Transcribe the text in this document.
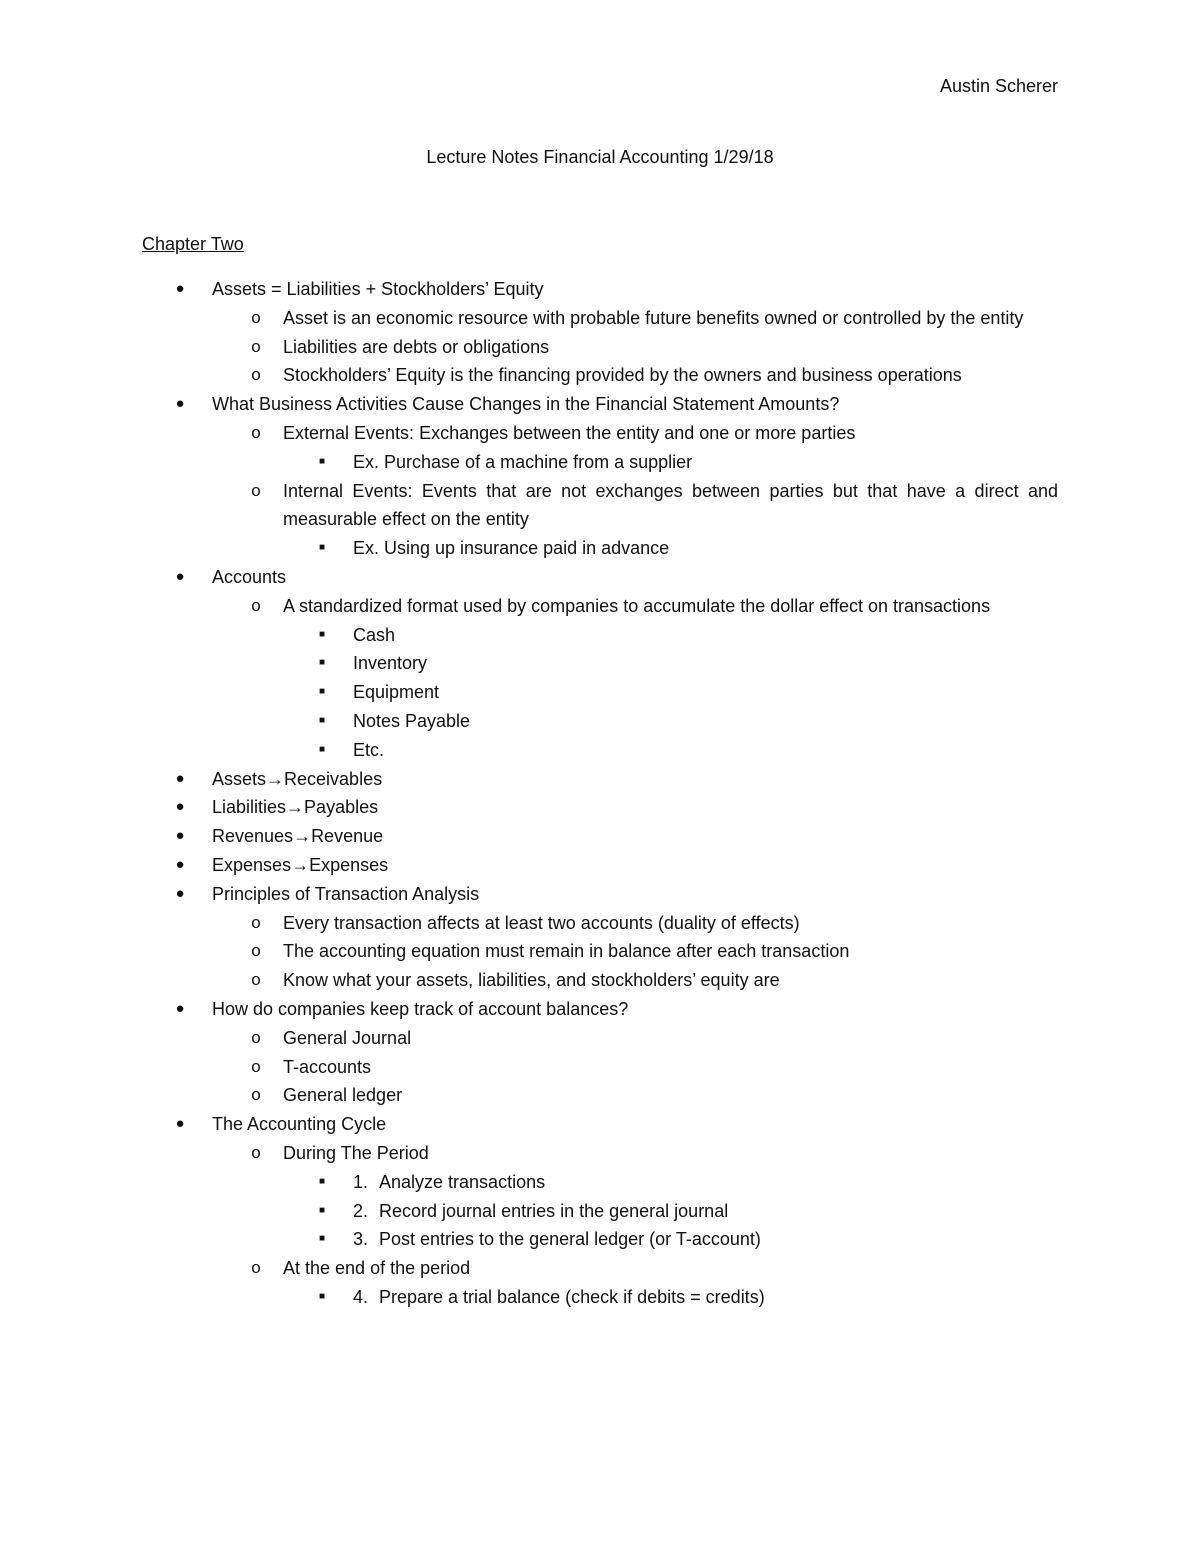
Austin Scherer
Lecture Notes Financial Accounting 1/29/18
Chapter Two
●	Assets = Liabilities + Stockholders’ Equity
o Asset is an economic resource with probable future benefits owned or controlled by the entity
o Liabilities are debts or obligations
o Stockholders’ Equity is the financing provided by the owners and business operations
●	What Business Activities Cause Changes in the Financial Statement Amounts?
o External Events: Exchanges between the entity and one or more parties
■	Ex. Purchase of a machine from a supplier
o Internal Events: Events that are not exchanges between parties but that have a direct and measurable effect on the entity
■	Ex. Using up insurance paid in advance
●	Accounts
o A standardized format used by companies to accumulate the dollar effect on transactions
■	Cash
■	Inventory
■	Equipment
■	Notes Payable
■	Etc.
●	Assets→Receivables
●	Liabilities→Payables
●	Revenues→Revenue
●	Expenses→Expenses
●	Principles of Transaction Analysis
o Every transaction affects at least two accounts (duality of effects)
o The accounting equation must remain in balance after each transaction
o Know what your assets, liabilities, and stockholders’ equity are
●	How do companies keep track of account balances?
o General Journal
o T-accounts
o General ledger
●	The Accounting Cycle
o During The Period
■	1. Analyze transactions
■	2. Record journal entries in the general journal
■	3. Post entries to the general ledger (or T-account)
o At the end of the period
■	4. Prepare a trial balance (check if debits = credits)
